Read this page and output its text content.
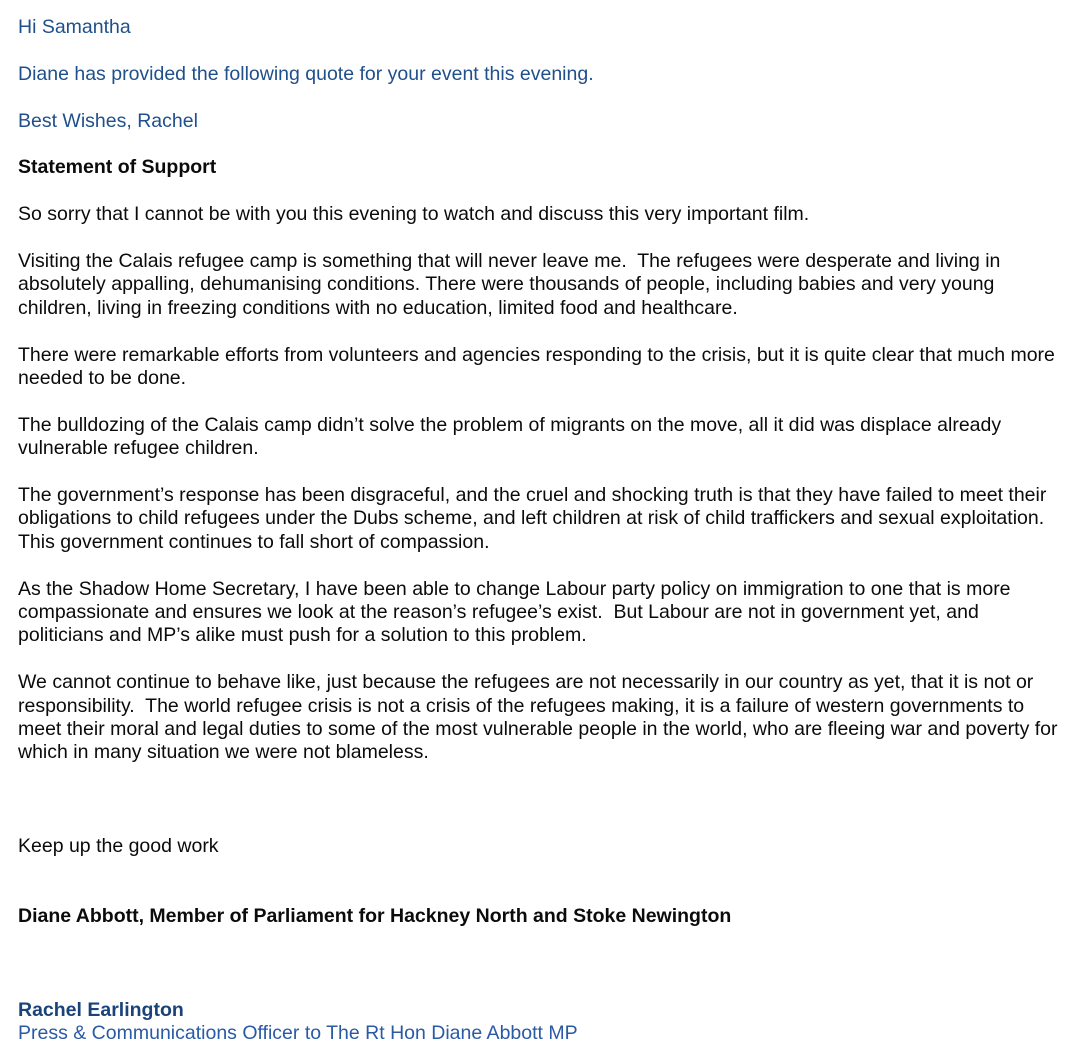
Hi Samantha

Diane has provided the following quote for your event this evening.

Best Wishes, Rachel

Statement of Support

So sorry that I cannot be with you this evening to watch and discuss this very important film.

Visiting the Calais refugee camp is something that will never leave me.  The refugees were desperate and living in absolutely appalling, dehumanising conditions. There were thousands of people, including babies and very young children, living in freezing conditions with no education, limited food and healthcare.

There were remarkable efforts from volunteers and agencies responding to the crisis, but it is quite clear that much more needed to be done.

The bulldozing of the Calais camp didn’t solve the problem of migrants on the move, all it did was displace already vulnerable refugee children.

The government’s response has been disgraceful, and the cruel and shocking truth is that they have failed to meet their obligations to child refugees under the Dubs scheme, and left children at risk of child traffickers and sexual exploitation. This government continues to fall short of compassion.

As the Shadow Home Secretary, I have been able to change Labour party policy on immigration to one that is more compassionate and ensures we look at the reason’s refugee’s exist.  But Labour are not in government yet, and politicians and MP’s alike must push for a solution to this problem.

We cannot continue to behave like, just because the refugees are not necessarily in our country as yet, that it is not or responsibility.  The world refugee crisis is not a crisis of the refugees making, it is a failure of western governments to meet their moral and legal duties to some of the most vulnerable people in the world, who are fleeing war and poverty for which in many situation we were not blameless.

Keep up the good work

Diane Abbott, Member of Parliament for Hackney North and Stoke Newington

Rachel Earlington
Press & Communications Officer to The Rt Hon Diane Abbott MP
